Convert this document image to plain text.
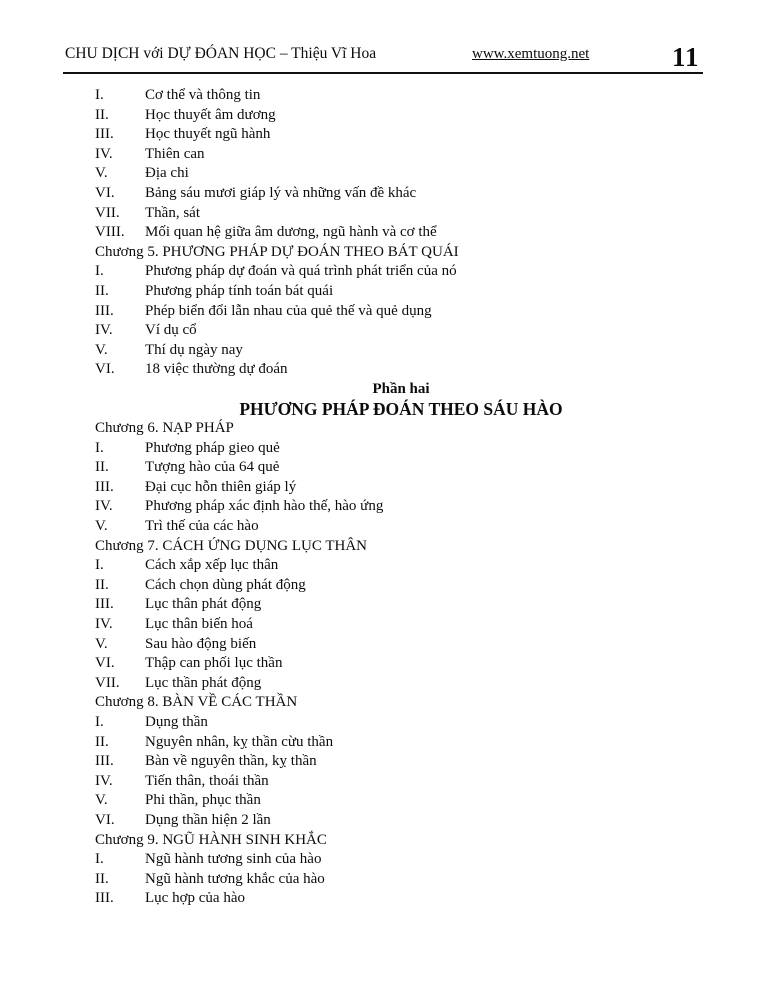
CHU DỊCH với DỰ ĐÓAN HỌC – Thiệu Vĩ Hoa	www.xemtuong.net	11
I.	Cơ thể và thông tin
II. Học thuyết âm dương
III. Học thuyết ngũ hành
IV. Thiên can
V. Địa chi
VI. Bảng sáu mươi giáp lý và những vấn đề khác
VII. Thần, sát
VIII. Mối quan hệ giữa âm dương, ngũ hành và cơ thể
Chương 5. PHƯƠNG PHÁP DỰ ĐOÁN THEO BÁT QUÁI
I.	Phương pháp dự đoán và quá trình phát triển của nó
II. Phương pháp tính toán bát quái
III. Phép biển đổi lẫn nhau của quẻ thế và quẻ dụng
IV. Ví dụ cổ
V. Thí dụ ngày nay
VI. 18 việc thường dự đoán
Phần hai
PHƯƠNG PHÁP ĐOÁN THEO SÁU HÀO
Chương 6. NẠP PHÁP
I.	Phương pháp gieo quẻ
II. Tượng hào của 64 quẻ
III. Đại cục hỗn thiên giáp lý
IV. Phương pháp xác định hào thế, hào ứng
V. Trì thế của các hào
Chương 7. CÁCH ỨNG DỤNG LỤC THÂN
I.	Cách xắp xếp lục thân
II. Cách chọn dùng phát động
III. Lục thân phát động
IV. Lục thân biến hoá
V. Sau hào động biến
VI. Thập can phối lục thần
VII. Lục thần phát động
Chương 8. BÀN VỀ CÁC THẦN
I.	Dụng thần
II. Nguyên nhân, kỵ thần cừu thần
III. Bàn về nguyên thần, kỵ thần
IV. Tiến thân, thoái thần
V. Phi thần, phục thần
VI. Dụng thần hiện 2 lần
Chương 9. NGŨ HÀNH SINH KHẮC
I.	Ngũ hành tương sinh của hào
II. Ngũ hành tương khắc của hào
III. Lục hợp của hào
